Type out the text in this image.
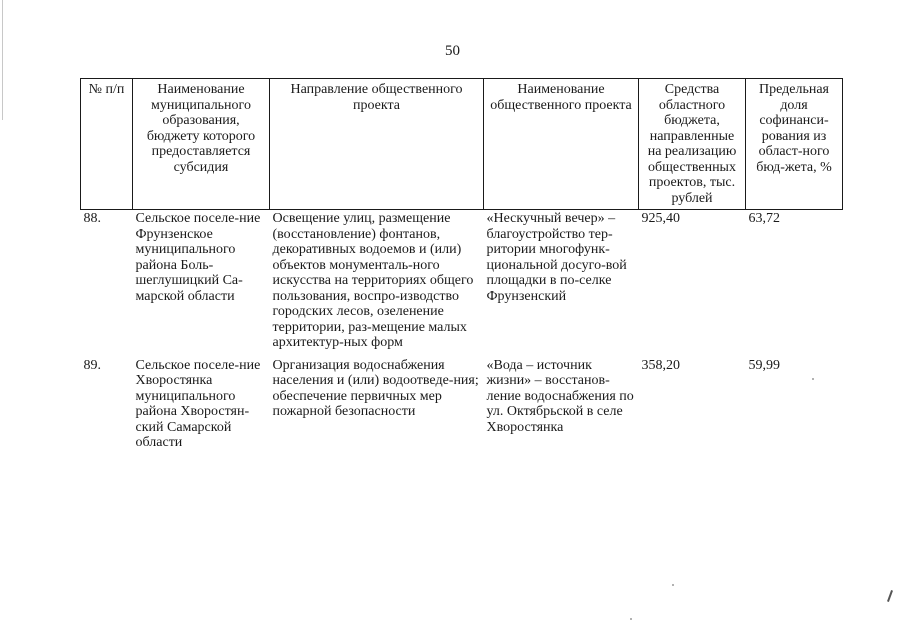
50
№ п/п	Наименование муниципального образования, бюджету которого предоставляется субсидия	Направление общественного проекта	Наименование общественного проекта	Средства областного бюджета, направленные на реализацию общественных проектов, тыс. рублей	Предельная доля софинанси-рования из област-ного бюд-жета, %
88.	Сельское поселе-ние Фрунзенское муниципального района Боль-шеглушицкий Са-марской области	Освещение улиц, размещение (восстановление) фонтанов, декоративных водоемов и (или) объектов монументаль-ного искусства на территориях общего пользования, воспро-изводство городских лесов, озеленение территории, раз-мещение малых архитектур-ных форм	«Нескучный вечер» – благоустройство тер-ритории многофунк-циональной досуго-вой площадки в по-селке Фрунзенский	925,40	63,72
89.	Сельское поселе-ние Хворостянка муниципального района Хворостян-ский Самарской области	Организация водоснабжения населения и (или) водоотведе-ния; обеспечение первичных мер пожарной безопасности	«Вода – источник жизни» – восстанов-ление водоснабжения по ул. Октябрьской в селе Хворостянка	358,20	59,99
